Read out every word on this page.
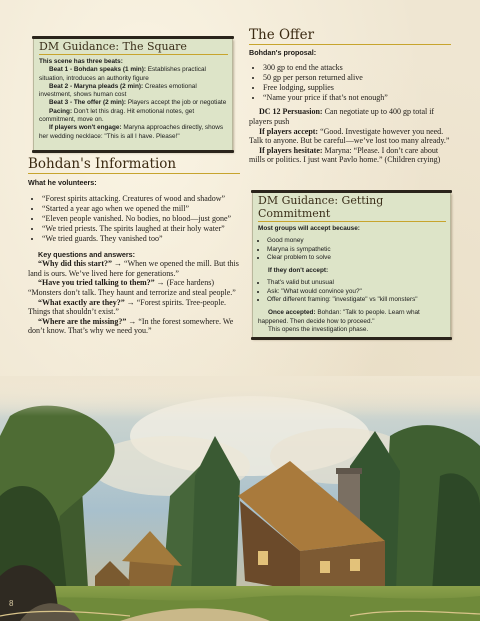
DM Guidance: The Square

This scene has three beats:

Beat 1 - Bohdan speaks (1 min): Establishes practical situation, introduces an authority figure

Beat 2 - Maryna pleads (2 min): Creates emotional investment, shows human cost

Beat 3 - The offer (2 min): Players accept the job or negotiate

Pacing: Don't let this drag. Hit emotional notes, get commitment, move on.

If players won't engage: Maryna approaches directly, shows her wedding necklace: "This is all I have. Please!"

Bohdan's Information

What he volunteers:

• “Forest spirits attacking. Creatures of wood and shadow”
• “Started a year ago when we opened the mill”
• “Eleven people vanished. No bodies, no blood—just gone”
• “We tried priests. The spirits laughed at their holy water”
• “We tried guards. They vanished too”

Key questions and answers:

“Why did this start?” → “When we opened the mill. But this land is ours. We’ve lived here for generations.”

“Have you tried talking to them?” → (Face hardens) “Monsters don’t talk. They haunt and terrorize and steal people.”

“What exactly are they?” → “Forest spirits. Tree-people. Things that shouldn’t exist.”

“Where are the missing?” → “In the forest somewhere. We don’t know. That’s why we need you.”

The Offer

Bohdan's proposal:

• 300 gp to end the attacks
• 50 gp per person returned alive
• Free lodging, supplies
• “Name your price if that’s not enough”

DC 12 Persuasion: Can negotiate up to 400 gp total if players push

If players accept: “Good. Investigate however you need. Talk to anyone. But be careful—we’ve lost too many already.”

If players hesitate: Maryna: “Please. I don’t care about mills or politics. I just want Pavlo home.” (Children crying)

DM Guidance: Getting Commitment

Most groups will accept because:

• Good money
• Maryna is sympathetic
• Clear problem to solve

If they don't accept:

• That's valid but unusual
• Ask: "What would convince you?"
• Offer different framing: "investigate" vs "kill monsters"

Once accepted: Bohdan: "Talk to people. Learn what happened. Then decide how to proceed."

This opens the investigation phase.

8
